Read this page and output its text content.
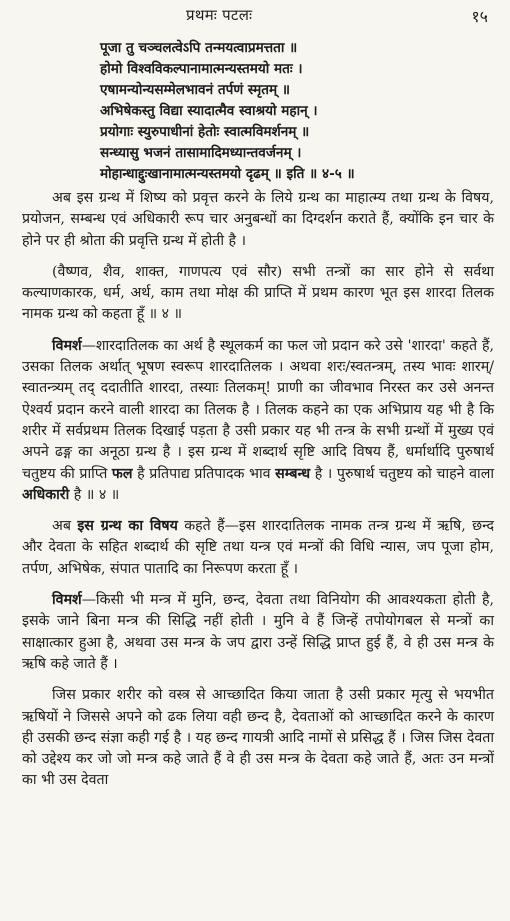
प्रथमः पटलः	१५
पूजा तु चञ्चलत्वेऽपि तन्मयत्वाप्रमत्तता ॥
होमो विश्वविकल्पानामात्मन्यस्तमयो मतः ।
एषामन्योन्यसम्मेलभावनं तर्पणं स्मृतम् ॥
अभिषेकस्तु विद्या स्यादात्मैव स्वाश्रयो महान् ।
प्रयोगाः स्युरुपाधीनां हेतोः स्वात्मविमर्शनम् ॥
सन्ध्यासु भजनं तासामादिमध्यान्तवर्जनम् ।
मोहान्धाद्दुःखानामात्मन्यस्तमयो दृढम् ॥ इति ॥ ४-५ ॥

अब इस ग्रन्थ में शिष्य को प्रवृत्त करने के लिये ग्रन्थ का माहात्म्य तथा ग्रन्थ के विषय, प्रयोजन, सम्बन्ध एवं अधिकारी रूप चार अनुबन्धों का दिग्दर्शन कराते हैं, क्योंकि इन चार के होने पर ही श्रोता की प्रवृत्ति ग्रन्थ में होती है ।

(वैष्णव, शैव, शाक्त, गाणपत्य एवं सौर) सभी तन्त्रों का सार होने से सर्वथा कल्याणकारक, धर्म, अर्थ, काम तथा मोक्ष की प्राप्ति में प्रथम कारण भूत इस शारदा तिलक नामक ग्रन्थ को कहता हूँ ॥ ४ ॥

विमर्श—शारदातिलक का अर्थ है स्थूलकर्म का फल जो प्रदान करे उसे 'शारदा' कहते हैं, उसका तिलक अर्थात् भूषण स्वरूप शारदातिलक । अथवा शरः/स्वतन्त्रम्, तस्य भावः शारम्/स्वातन्त्र्यम् तद् ददातीति शारदा, तस्याः तिलकम्! प्राणी का जीवभाव निरस्त कर उसे अनन्त ऐश्वर्य प्रदान करने वाली शारदा का तिलक है । तिलक कहने का एक अभिप्राय यह भी है कि शरीर में सर्वप्रथम तिलक दिखाई पड़ता है उसी प्रकार यह भी तन्त्र के सभी ग्रन्थों में मुख्य एवं अपने ढङ्ग का अनूठा ग्रन्थ है । इस ग्रन्थ में शब्दार्थ सृष्टि आदि विषय हैं, धर्मार्थादि पुरुषार्थ चतुष्टय की प्राप्ति फल है प्रतिपाद्य प्रतिपादक भाव सम्बन्ध है । पुरुषार्थ चतुष्टय को चाहने वाला अधिकारी है ॥ ४ ॥

अब इस ग्रन्थ का विषय कहते हैं—इस शारदातिलक नामक तन्त्र ग्रन्थ में ऋषि, छन्द और देवता के सहित शब्दार्थ की सृष्टि तथा यन्त्र एवं मन्त्रों की विधि न्यास, जप पूजा होम, तर्पण, अभिषेक, संपात पातादि का निरूपण करता हूँ ।

विमर्श—किसी भी मन्त्र में मुनि, छन्द, देवता तथा विनियोग की आवश्यकता होती है, इसके जाने बिना मन्त्र की सिद्धि नहीं होती । मुनि वे हैं जिन्हें तपोयोगबल से मन्त्रों का साक्षात्कार हुआ है, अथवा उस मन्त्र के जप द्वारा उन्हें सिद्धि प्राप्त हुई हैं, वे ही उस मन्त्र के ऋषि कहे जाते हैं ।

जिस प्रकार शरीर को वस्त्र से आच्छादित किया जाता है उसी प्रकार मृत्यु से भयभीत ऋषियों ने जिससे अपने को ढक लिया वही छन्द है, देवताओं को आच्छादित करने के कारण ही उसकी छन्द संज्ञा कही गई है । यह छन्द गायत्री आदि नामों से प्रसिद्ध हैं । जिस जिस देवता को उद्देश्य कर जो जो मन्त्र कहे जाते हैं वे ही उस मन्त्र के देवता कहे जाते हैं, अतः उन मन्त्रों का भी उस देवता
